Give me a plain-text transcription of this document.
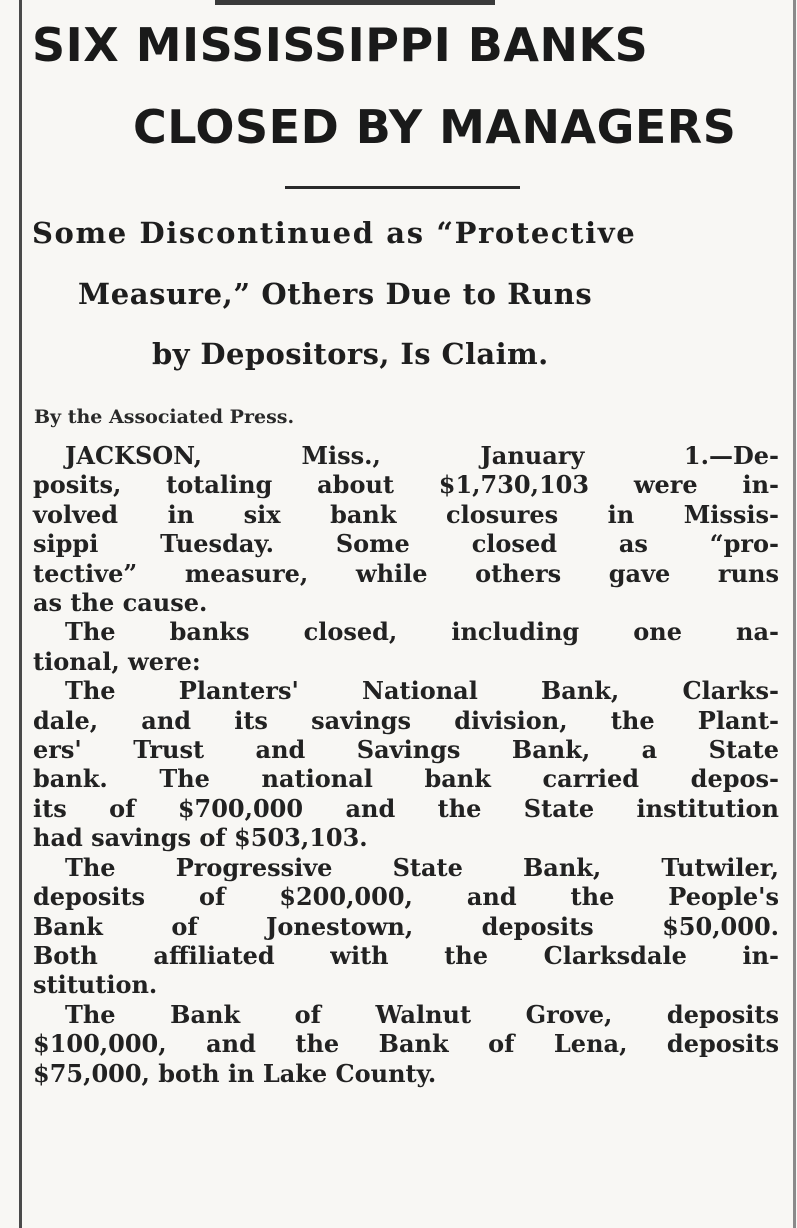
SIX MISSISSIPPI BANKS
CLOSED BY MANAGERS
Some Discontinued as “Protective
Measure,” Others Due to Runs
by Depositors, Is Claim.

By the Associated Press.

JACKSON, Miss., January 1.—De-
posits, totaling about $1,730,103 were in-
volved in six bank closures in Missis-
sippi Tuesday. Some closed as “pro-
tective” measure, while others gave runs
as the cause.
The banks closed, including one na-
tional, were:
The Planters' National Bank, Clarks-
dale, and its savings division, the Plant-
ers' Trust and Savings Bank, a State
bank. The national bank carried depos-
its of $700,000 and the State institution
had savings of $503,103.
The Progressive State Bank, Tutwiler,
deposits of $200,000, and the People's
Bank of Jonestown, deposits $50,000.
Both affiliated with the Clarksdale in-
stitution.
The Bank of Walnut Grove, deposits
$100,000, and the Bank of Lena, deposits
$75,000, both in Lake County.
